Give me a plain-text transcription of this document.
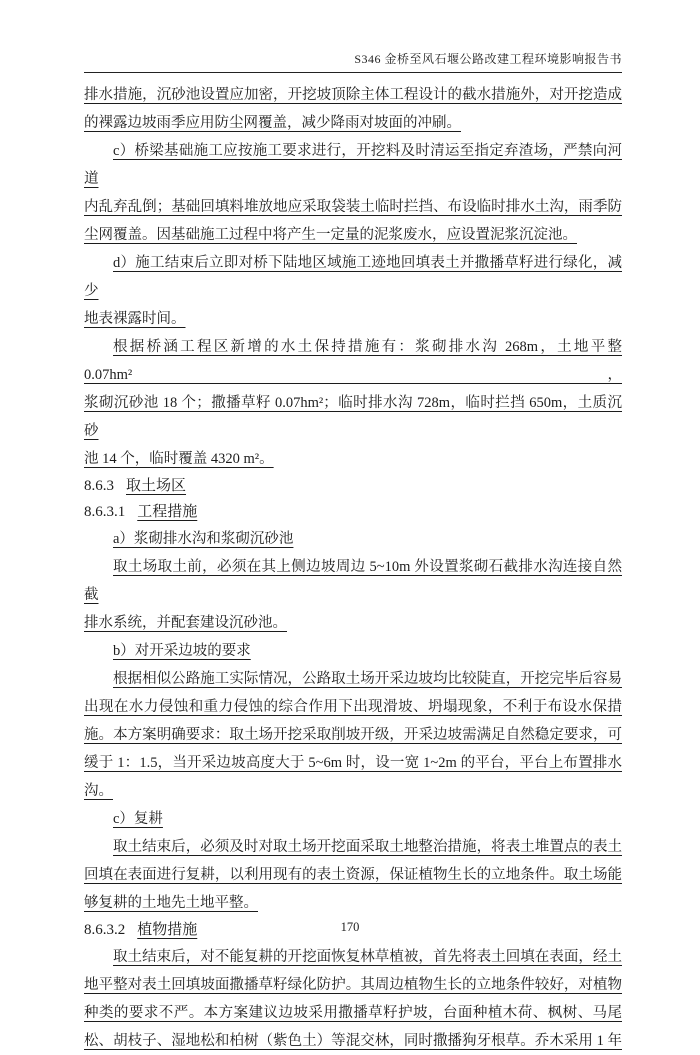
S346 金桥至风石堰公路改建工程环境影响报告书
排水措施，沉砂池设置应加密，开挖坡顶除主体工程设计的截水措施外，对开挖造成
的裸露边坡雨季应用防尘网覆盖，减少降雨对坡面的冲刷。
c）桥梁基础施工应按施工要求进行，开挖料及时清运至指定弃渣场，严禁向河道
内乱弃乱倒；基础回填料堆放地应采取袋装土临时拦挡、布设临时排水土沟，雨季防
尘网覆盖。因基础施工过程中将产生一定量的泥浆废水，应设置泥浆沉淀池。
d）施工结束后立即对桥下陆地区域施工迹地回填表土并撒播草籽进行绿化，减少
地表裸露时间。
根据桥涵工程区新增的水土保持措施有：浆砌排水沟 268m，土地平整 0.07hm²，
浆砌沉砂池 18 个；撒播草籽 0.07hm²；临时排水沟 728m，临时拦挡 650m，土质沉砂
池 14 个，临时覆盖 4320 m²。
8.6.3 取土场区
8.6.3.1 工程措施
a）浆砌排水沟和浆砌沉砂池
取土场取土前，必须在其上侧边坡周边 5~10m 外设置浆砌石截排水沟连接自然截
排水系统，并配套建设沉砂池。
b）对开采边坡的要求
根据相似公路施工实际情况，公路取土场开采边坡均比较陡直，开挖完毕后容易
出现在水力侵蚀和重力侵蚀的综合作用下出现滑坡、坍塌现象，不利于布设水保措
施。本方案明确要求：取土场开挖采取削坡开级，开采边坡需满足自然稳定要求，可
缓于 1：1.5，当开采边坡高度大于 5~6m 时，设一宽 1~2m 的平台，平台上布置排水
沟。
c）复耕
取土结束后，必须及时对取土场开挖面采取土地整治措施，将表土堆置点的表土
回填在表面进行复耕，以利用现有的表土资源，保证植物生长的立地条件。取土场能
够复耕的土地先土地平整。
8.6.3.2 植物措施
取土结束后，对不能复耕的开挖面恢复林草植被，首先将表土回填在表面，经土
地平整对表土回填坡面撒播草籽绿化防护。其周边植物生长的立地条件较好，对植物
种类的要求不严。本方案建议边坡采用撒播草籽护坡，台面种植木荷、枫树、马尾
松、胡枝子、湿地松和柏树（紫色土）等混交林，同时撒播狗牙根草。乔木采用 1 年
170
